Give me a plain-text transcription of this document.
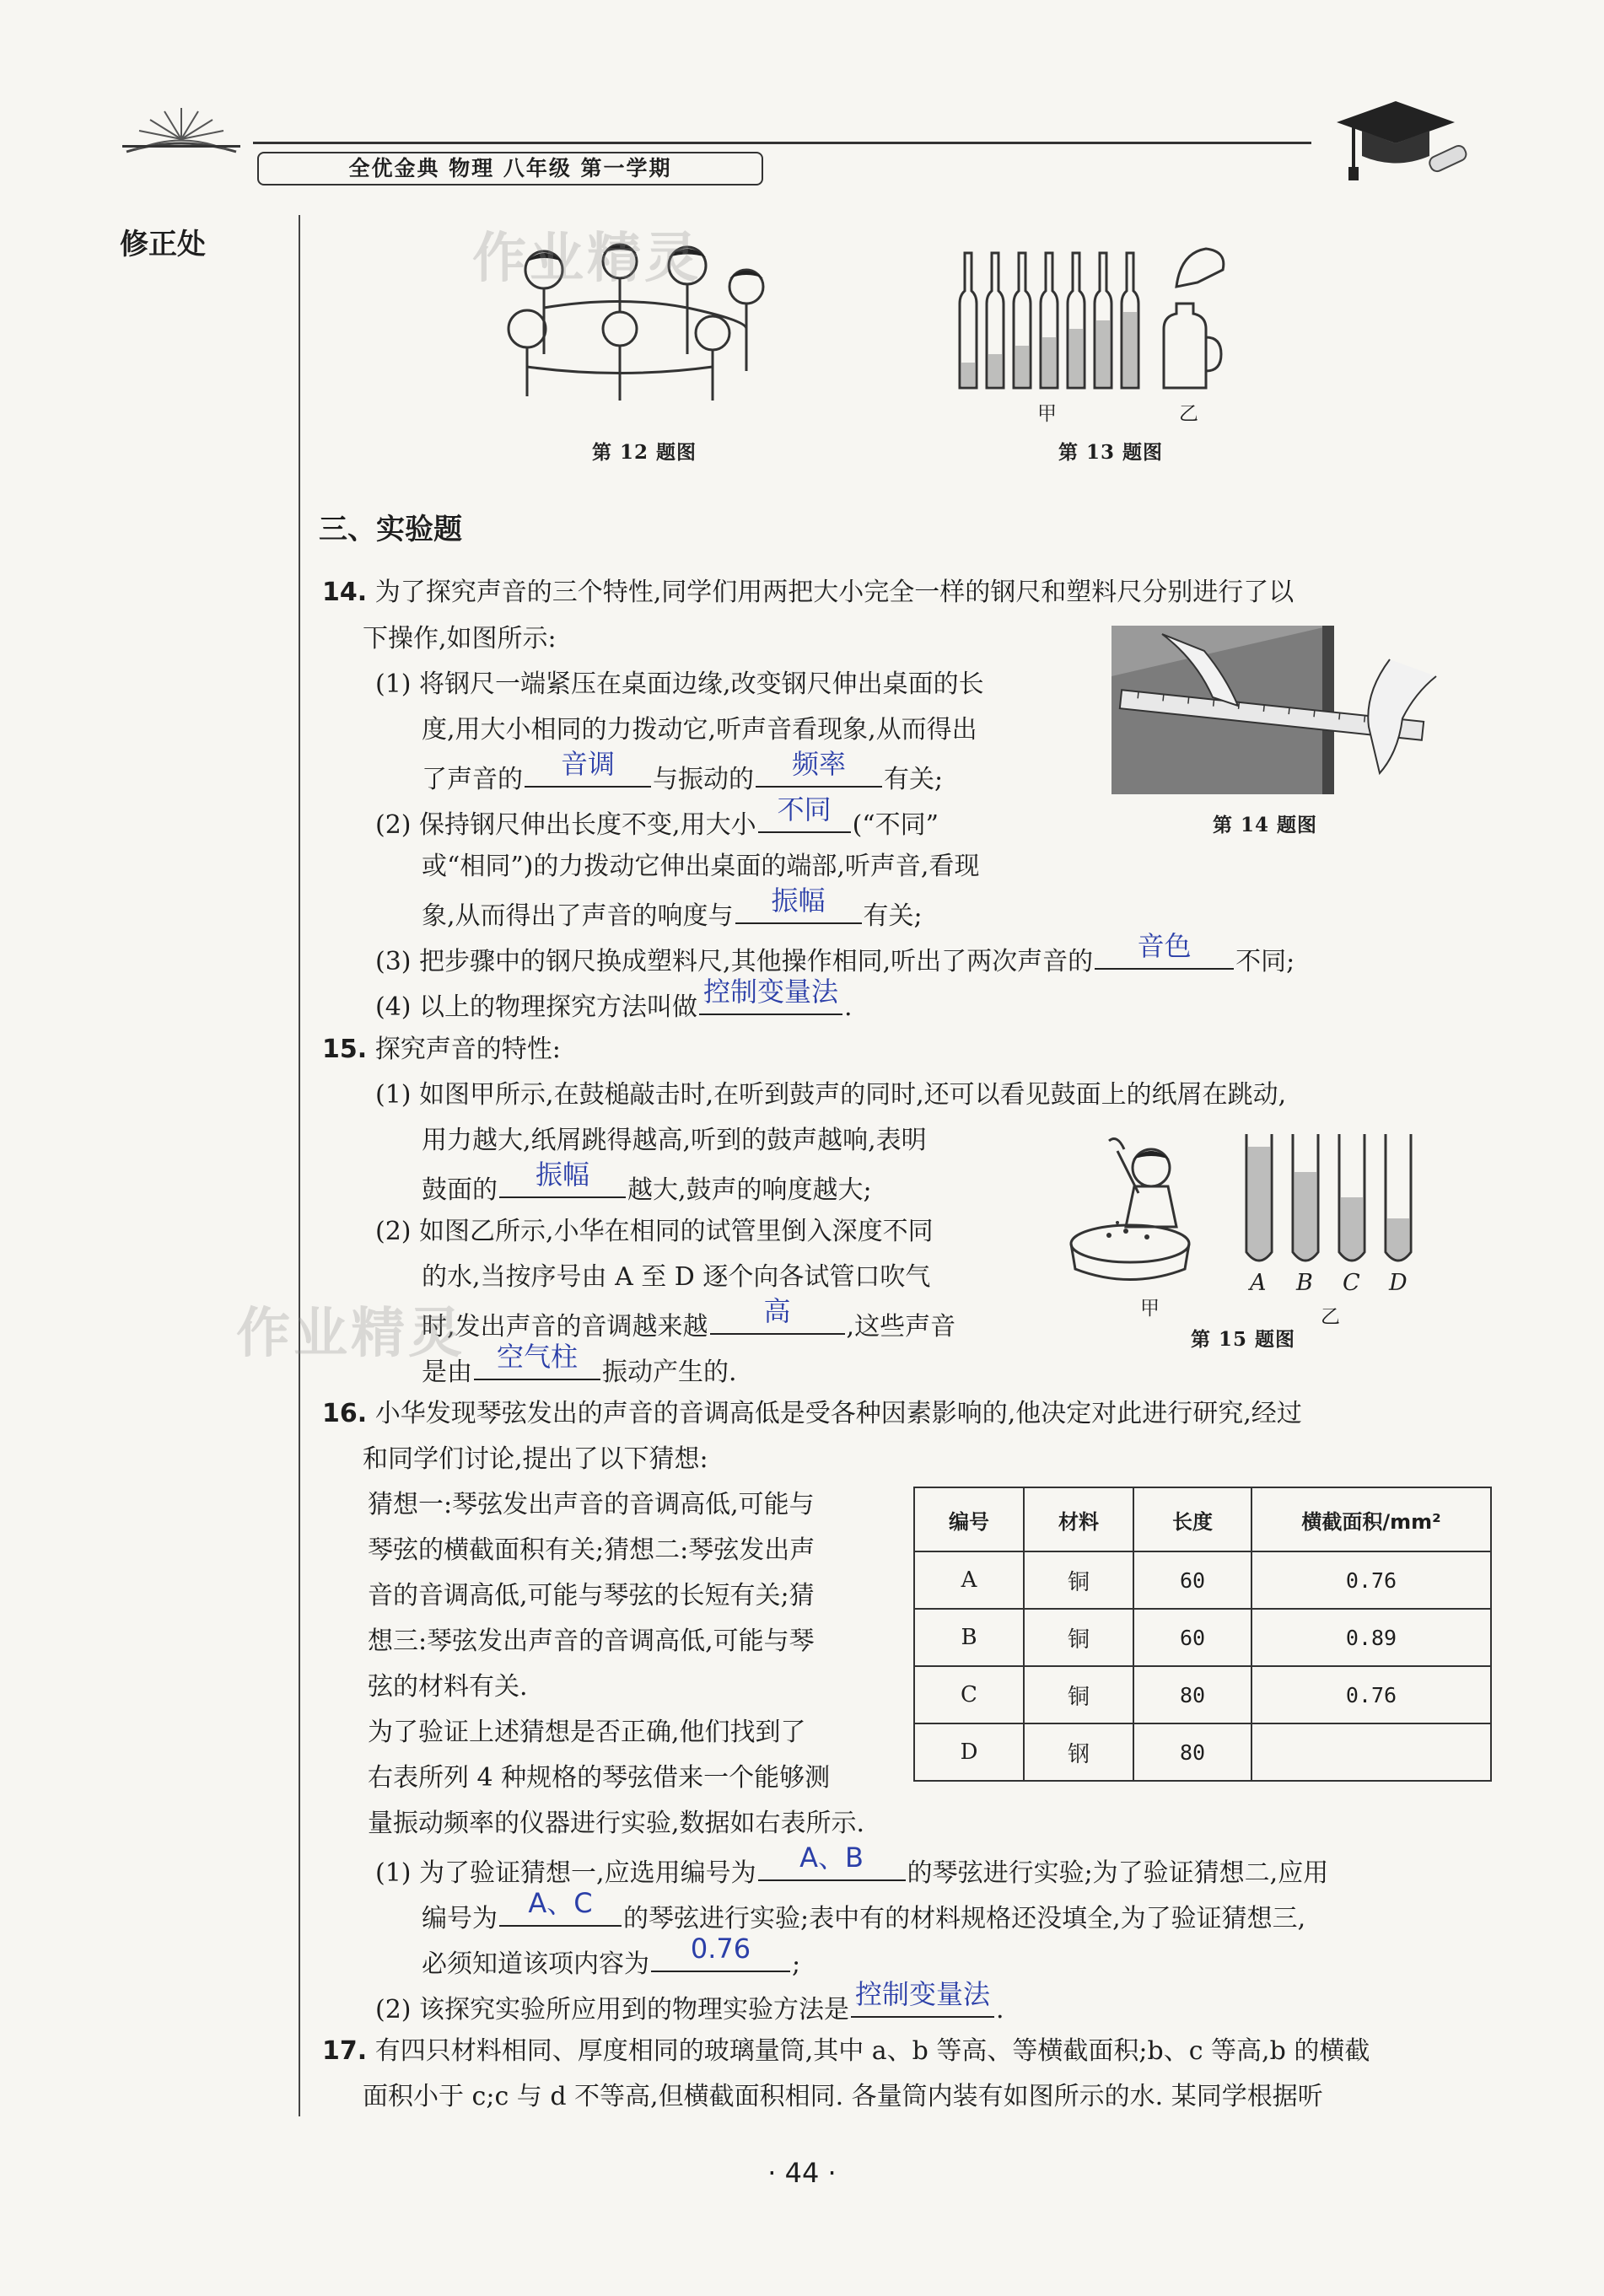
全优金典 物理 八年级 第一学期
修正处
第 12 题图
甲	乙
第 13 题图
作业精灵
三、实验题
14. 为了探究声音的三个特性,同学们用两把大小完全一样的钢尺和塑料尺分别进行了以
下操作,如图所示:
(1) 将钢尺一端紧压在桌面边缘,改变钢尺伸出桌面的长
度,用大小相同的力拨动它,听声音看现象,从而得出
了声音的	音调	与振动的	频率	有关;
(2) 保持钢尺伸出长度不变,用大小 不同 (“不同”
或“相同”)的力拨动它伸出桌面的端部,听声音,看现
象,从而得出了声音的响度与	振幅	有关;
(3) 把步骤中的钢尺换成塑料尺,其他操作相同,听出了两次声音的	音色	不同;
(4) 以上的物理探究方法叫做 控制变量法 .
第 14 题图
15. 探究声音的特性:
(1) 如图甲所示,在鼓槌敲击时,在听到鼓声的同时,还可以看见鼓面上的纸屑在跳动,
用力越大,纸屑跳得越高,听到的鼓声越响,表明
鼓面的	振幅	越大,鼓声的响度越大;
(2) 如图乙所示,小华在相同的试管里倒入深度不同
的水,当按序号由 A 至 D 逐个向各试管口吹气
时,发出声音的音调越来越	高	,这些声音
是由 空气柱 振动产生的.
作业精灵
A B C D
甲	乙
第 15 题图
16. 小华发现琴弦发出的声音的音调高低是受各种因素影响的,他决定对此进行研究,经过
和同学们讨论,提出了以下猜想:
猜想一:琴弦发出声音的音调高低,可能与
琴弦的横截面积有关;猜想二:琴弦发出声
音的音调高低,可能与琴弦的长短有关;猜
想三:琴弦发出声音的音调高低,可能与琴
弦的材料有关.
为了验证上述猜想是否正确,他们找到了
右表所列 4 种规格的琴弦借来一个能够测
量振动频率的仪器进行实验,数据如右表所示.
编号	材料	长度	横截面积/mm²
A	铜	60	0.76
B	铜	60	0.89
C	铜	80	0.76
D	钢	80	
(1) 为了验证猜想一,应选用编号为	A、B	的琴弦进行实验;为了验证猜想二,应用
编号为	A、C	的琴弦进行实验;表中有的材料规格还没填全,为了验证猜想三,
必须知道该项内容为	0.76	;
(2) 该探究实验所应用到的物理实验方法是 控制变量法 .
17. 有四只材料相同、厚度相同的玻璃量筒,其中 a、b 等高、等横截面积;b、c 等高,b 的横截
面积小于 c;c 与 d 不等高,但横截面积相同. 各量筒内装有如图所示的水. 某同学根据听
· 44 ·
